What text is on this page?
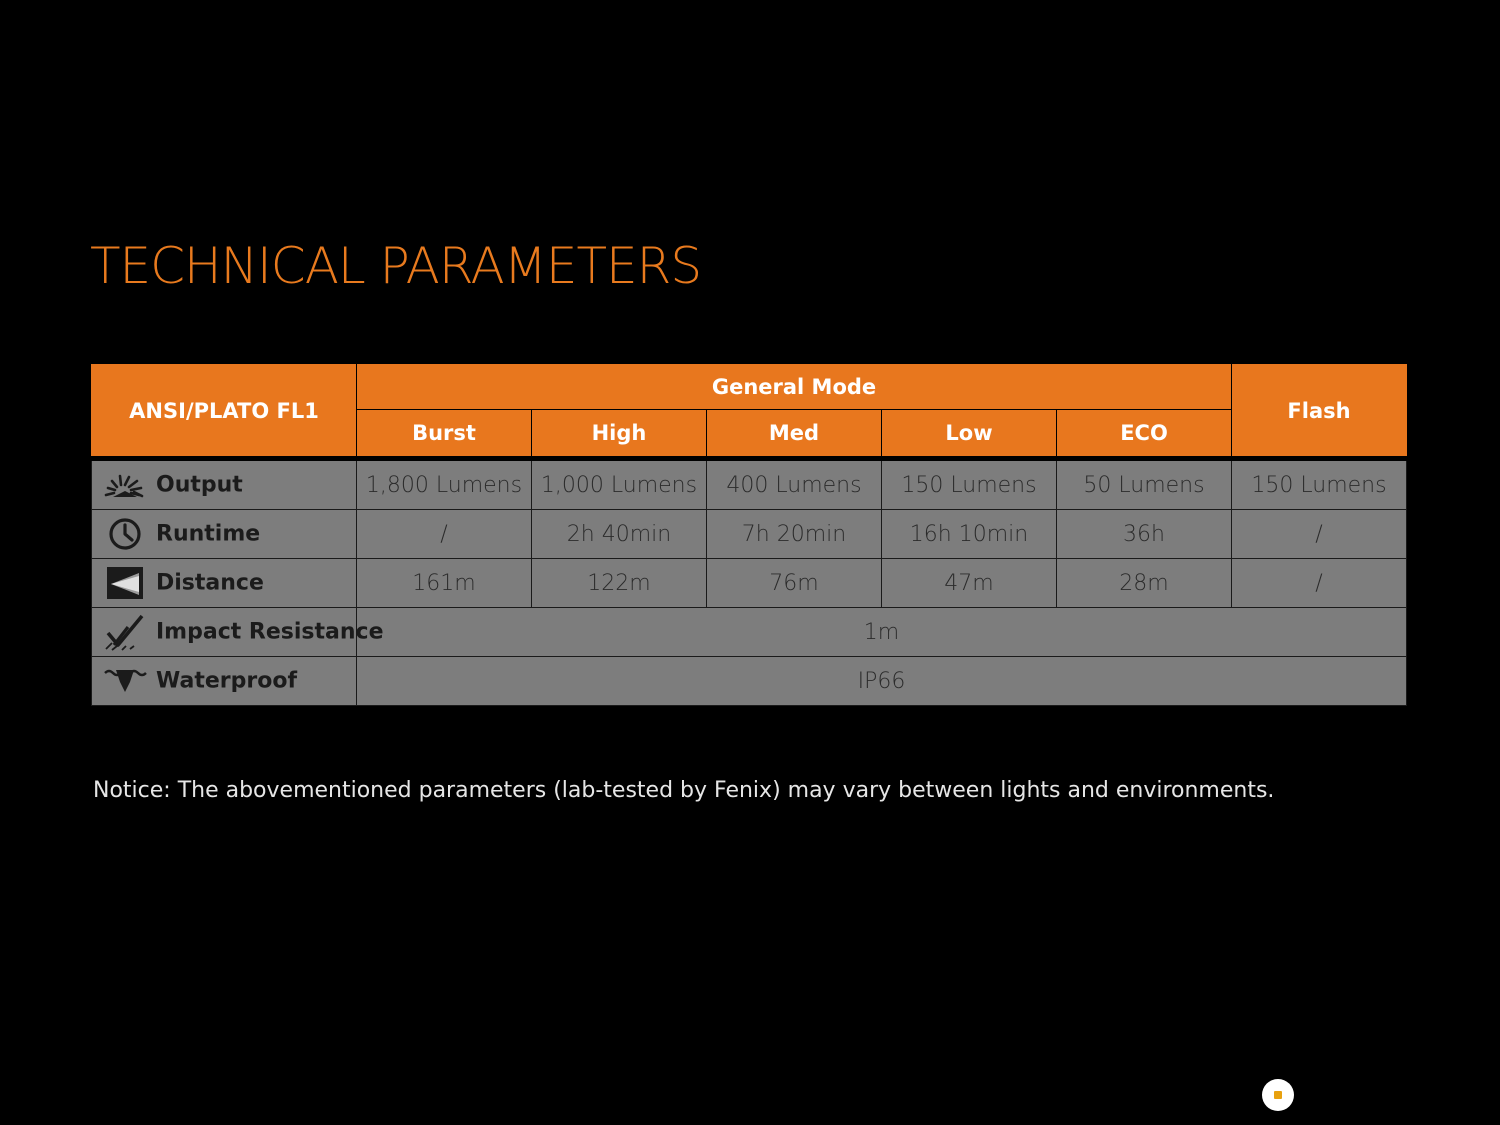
TECHNICAL PARAMETERS
ANSI/PLATO FL1	General Mode					Flash
	Burst	High	Med	Low	ECO	

Output	1,800 Lumens	1,000 Lumens	400 Lumens	150 Lumens	50 Lumens	150 Lumens

Runtime	/	2h 40min	7h 20min	16h 10min	36h	/

Distance	161m	122m	76m	47m	28m	/

Impact Resistance	1m					

Waterproof	IP66					

Notice: The abovementioned parameters (lab-tested by Fenix) may vary between lights and environments.
